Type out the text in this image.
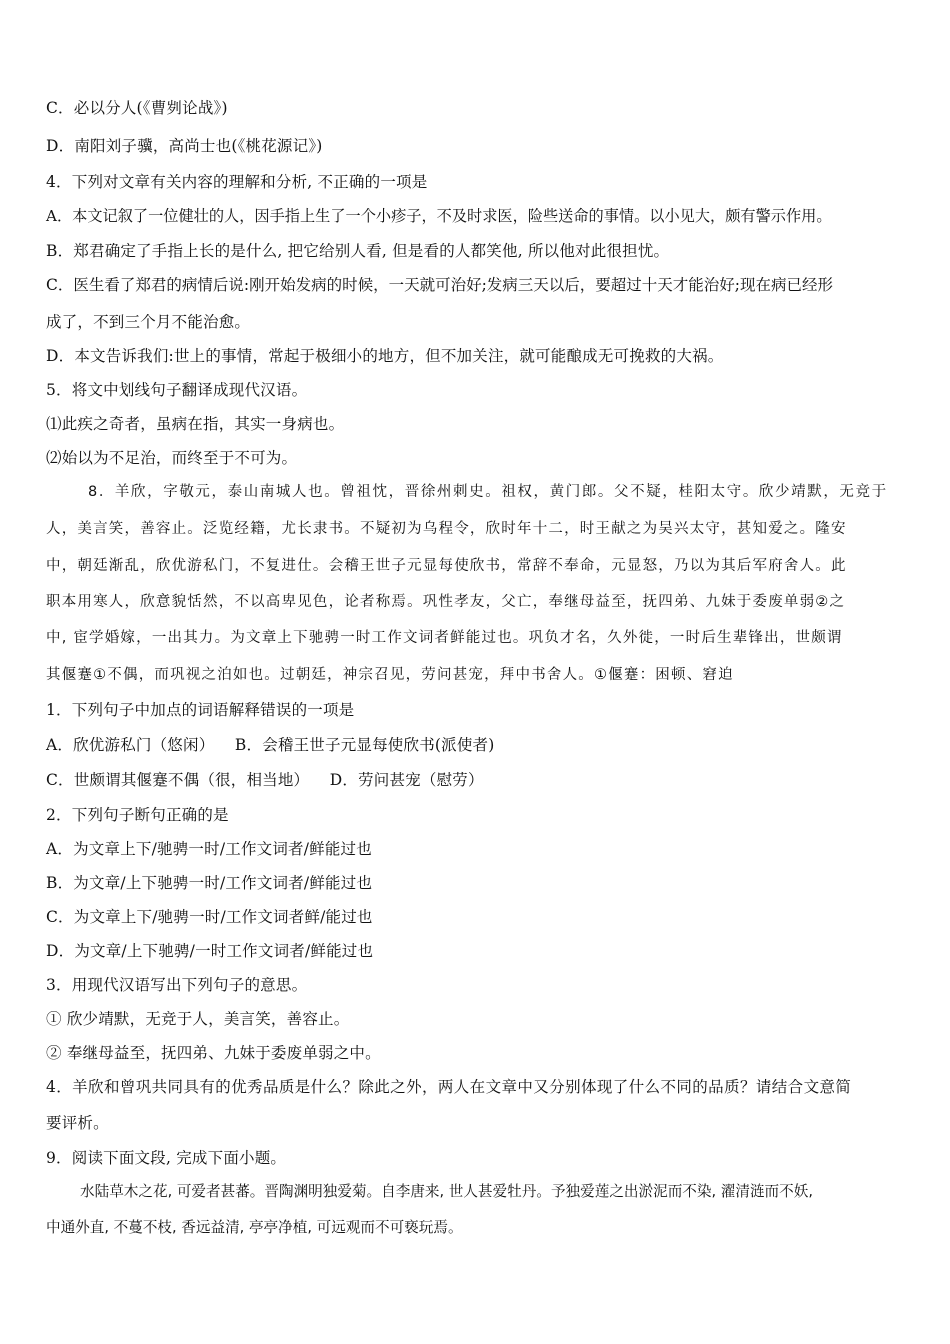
C．必以分人(《曹刿论战》)
D．南阳刘子骥，高尚士也(《桃花源记》)
4．下列对文章有关内容的理解和分析, 不正确的一项是
A．本文记叙了一位健壮的人，因手指上生了一个小疹子，不及时求医，险些送命的事情。以小见大，颇有警示作用。
B．郑君确定了手指上长的是什么, 把它给别人看, 但是看的人都笑他, 所以他对此很担忧。
C．医生看了郑君的病情后说:刚开始发病的时候，一天就可治好;发病三天以后，要超过十天才能治好;现在病已经形
成了，不到三个月不能治愈。
D．本文告诉我们:世上的事情，常起于极细小的地方，但不加关注，就可能酿成无可挽救的大祸。
5．将文中划线句子翻译成现代汉语。
⑴此疾之奇者，虽病在指，其实一身病也。
⑵始以为不足治，而终至于不可为。
8．羊欣，字敬元，泰山南城人也。曾祖忱，晋徐州刺史。祖权，黄门郎。父不疑，桂阳太守。欣少靖默，无竞于
人，美言笑，善容止。泛览经籍，尤长隶书。不疑初为乌程令，欣时年十二，时王献之为吴兴太守，甚知爱之。隆安
中，朝廷渐乱，欣优游私门，不复进仕。会稽王世子元显每使欣书，常辞不奉命，元显怒，乃以为其后军府舍人。此
职本用寒人，欣意貌恬然，不以高卑见色，论者称焉。巩性孝友，父亡，奉继母益至，抚四弟、九妹于委废单弱②之
中, 宦学婚嫁，一出其力。为文章上下驰骋一时工作文词者鲜能过也。巩负才名，久外徙，一时后生辈锋出，世颇谓
其偃蹇①不偶，而巩视之泊如也。过朝廷，神宗召见，劳问甚宠，拜中书舍人。①偃蹇：困顿、窘迫
1．下列句子中加点的词语解释错误的一项是
A．欣优游私门（悠闲）    B．会稽王世子元显每使欣书(派使者)
C．世颇谓其偃蹇不偶（很，相当地）    D．劳问甚宠（慰劳）
2．下列句子断句正确的是
A．为文章上下/驰骋一时/工作文词者/鲜能过也
B．为文章/上下驰骋一时/工作文词者/鲜能过也
C．为文章上下/驰骋一时/工作文词者鲜/能过也
D．为文章/上下驰骋/一时工作文词者/鲜能过也
3．用现代汉语写出下列句子的意思。
① 欣少靖默，无竞于人，美言笑，善容止。
② 奉继母益至，抚四弟、九妹于委废单弱之中。
4．羊欣和曾巩共同具有的优秀品质是什么？除此之外，两人在文章中又分别体现了什么不同的品质？请结合文意简
要评析。
9．阅读下面文段, 完成下面小题。
水陆草木之花, 可爱者甚蕃。晋陶渊明独爱菊。自李唐来, 世人甚爱牡丹。予独爱莲之出淤泥而不染, 濯清涟而不妖,
中通外直, 不蔓不枝, 香远益清, 亭亭净植, 可远观而不可亵玩焉。
